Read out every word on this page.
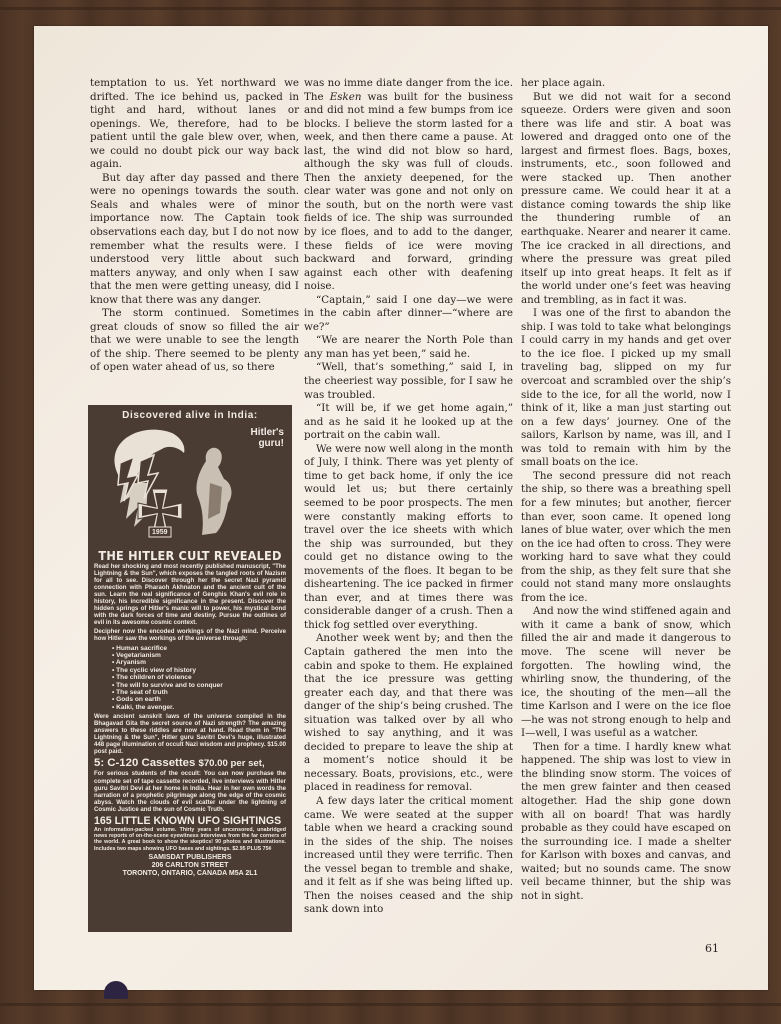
temptation to us. Yet northward we drifted. The ice behind us, packed in tight and hard, without lanes or openings. We, therefore, had to be patient until the gale blew over, when, we could no doubt pick our way back again.

But day after day passed and there were no openings towards the south. Seals and whales were of minor importance now. The Captain took observations each day, but I do not now remember what the results were. I understood very little about such matters anyway, and only when I saw that the men were getting uneasy, did I know that there was any danger.

The storm continued. Sometimes great clouds of snow so filled the air that we were unable to see the length of the ship. There seemed to be plenty of open water ahead of us, so there

Discovered alive in India:
Hitler's
guru!
1959
THE HITLER CULT REVEALED

Read her shocking and most recently published manuscript, "The Lightning & the Sun", which exposes the tangled roots of Nazism for all to see. Discover through her the secret Nazi pyramid connection with Pharaoh Akhnaton and the ancient cult of the sun. Learn the real significance of Genghis Khan's evil role in history, his incredible significance in the present. Discover the hidden springs of Hitler's manic will to power, his mystical bond with the dark forces of time and destiny. Pursue the outlines of evil in its awesome cosmic context.

Decipher now the encoded workings of the Nazi mind. Perceive how Hitler saw the workings of the universe through:

• Human sacrifice
• Vegetarianism
• Aryanism
• The cyclic view of history
• The children of violence
• The will to survive and to conquer
• The seat of truth
• Gods on earth
• Kalki, the avenger.

Were ancient sanskrit laws of the universe compiled in the Bhagavad Gita the secret source of Nazi strength? The amazing answers to these riddles are now at hand. Read them in "The Lightning & the Sun", Hitler guru Savitri Devi's huge, illustrated 448 page illumination of occult Nazi wisdom and prophecy. $15.00 post paid.

5: C-120 Cassettes $70.00 per set,

For serious students of the occult: You can now purchase the complete set of tape cassette recorded, live interviews with Hitler guru Savitri Devi at her home in India. Hear in her own words the narration of a prophetic pilgrimage along the edge of the cosmic abyss. Watch the clouds of evil scatter under the lightning of Cosmic Justice and the sun of Cosmic Truth.

165 LITTLE KNOWN UFO SIGHTINGS
An information-packed volume. Thirty years of uncensored, unabridged news reports of on-the-scene eyewitness interviews from the far corners of the world. A great book to show the skeptics! 90 photos and illustrations. Includes two maps showing UFO bases and sightings. $2.95 PLUS 75¢
SAMISDAT PUBLISHERS
206 CARLTON STREET
TORONTO, ONTARIO, CANADA M5A 2L1

was no imme diate danger from the ice. The Esken was built for the business and did not mind a few bumps from ice blocks. I believe the storm lasted for a week, and then there came a pause. At last, the wind did not blow so hard, although the sky was full of clouds. Then the anxiety deepened, for the clear water was gone and not only on the south, but on the north were vast fields of ice. The ship was surrounded by ice floes, and to add to the danger, these fields of ice were moving backward and forward, grinding against each other with deafening noise.

“Captain,” said I one day—we were in the cabin after dinner—“where are we?”

“We are nearer the North Pole than any man has yet been,” said he.

“Well, that’s something,” said I, in the cheeriest way possible, for I saw he was troubled.

“It will be, if we get home again,” and as he said it he looked up at the portrait on the cabin wall.

We were now well along in the month of July, I think. There was yet plenty of time to get back home, if only the ice would let us; but there certainly seemed to be poor prospects. The men were constantly making efforts to travel over the ice sheets with which the ship was surrounded, but they could get no distance owing to the movements of the floes. It began to be disheartening. The ice packed in firmer than ever, and at times there was considerable danger of a crush. Then a thick fog settled over everything.

Another week went by; and then the Captain gathered the men into the cabin and spoke to them. He explained that the ice pressure was getting greater each day, and that there was danger of the ship’s being crushed. The situation was talked over by all who wished to say anything, and it was decided to prepare to leave the ship at a moment’s notice should it be necessary. Boats, provisions, etc., were placed in readiness for removal.

A few days later the critical moment came. We were seated at the supper table when we heard a cracking sound in the sides of the ship. The noises increased until they were terrific. Then the vessel began to tremble and shake, and it felt as if she was being lifted up. Then the noises ceased and the ship sank down into

her place again.

But we did not wait for a second squeeze. Orders were given and soon there was life and stir. A boat was lowered and dragged onto one of the largest and firmest floes. Bags, boxes, instruments, etc., soon followed and were stacked up. Then another pressure came. We could hear it at a distance coming towards the ship like the thundering rumble of an earthquake. Nearer and nearer it came. The ice cracked in all directions, and where the pressure was great piled itself up into great heaps. It felt as if the world under one’s feet was heaving and trembling, as in fact it was.

I was one of the first to abandon the ship. I was told to take what belongings I could carry in my hands and get over to the ice floe. I picked up my small traveling bag, slipped on my fur overcoat and scrambled over the ship’s side to the ice, for all the world, now I think of it, like a man just starting out on a few days’ journey. One of the sailors, Karlson by name, was ill, and I was told to remain with him by the small boats on the ice.

The second pressure did not reach the ship, so there was a breathing spell for a few minutes; but another, fiercer than ever, soon came. It opened long lanes of blue water, over which the men on the ice had often to cross. They were working hard to save what they could from the ship, as they felt sure that she could not stand many more onslaughts from the ice.

And now the wind stiffened again and with it came a bank of snow, which filled the air and made it dangerous to move. The scene will never be forgotten. The howling wind, the whirling snow, the thundering, of the ice, the shouting of the men—all the time Karlson and I were on the ice floe—he was not strong enough to help and I—well, I was useful as a watcher.

Then for a time. I hardly knew what happened. The ship was lost to view in the blinding snow storm. The voices of the men grew fainter and then ceased altogether. Had the ship gone down with all on board! That was hardly probable as they could have escaped on the surrounding ice. I made a shelter for Karlson with boxes and canvas, and waited; but no sounds came. The snow veil became thinner, but the ship was not in sight.

61
